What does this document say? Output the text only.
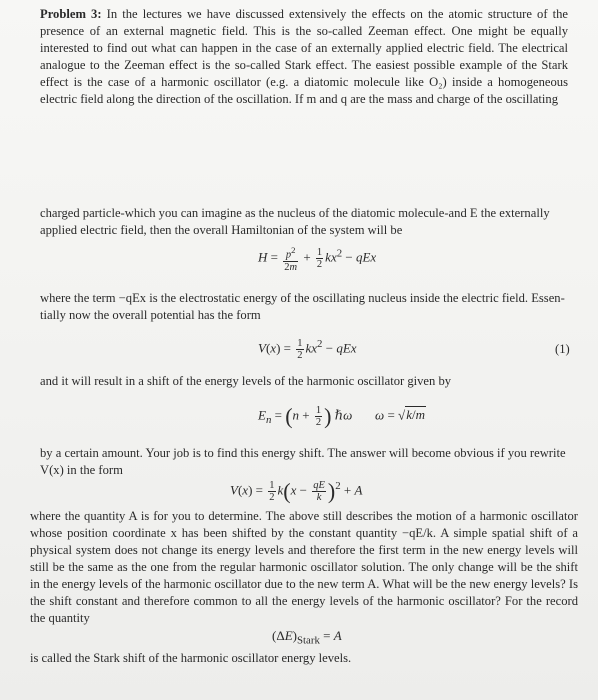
Problem 3: In the lectures we have discussed extensively the effects on the atomic structure of the presence of an external magnetic field. This is the so-called Zeeman effect. One might be equally interested to find out what can happen in the case of an externally applied electric field. The electrical analogue to the Zeeman effect is the so-called Stark effect. The easiest possible example of the Stark effect is the case of a harmonic oscillator (e.g. a diatomic molecule like O₂) inside a homogeneous electric field along the direction of the oscillation. If m and q are the mass and charge of the oscillating

charged particle-which you can imagine as the nucleus of the diatomic molecule-and E the externally

applied electric field, then the overall Hamiltonian of the system will be

$H = \frac{p^2}{2m} + \frac{1}{2} kx^2$ − qEx

where the term −qEx is the electrostatic energy of the oscillating nucleus inside the electric field. Essen-

tially now the overall potential has the form

$V(x) = \frac{1}{2} kx^2$ − qEx	(1)

and it will result in a shift of the energy levels of the harmonic oscillator given by

$E_n = (n + \frac{1}{2}$ ) ℏω ω = √k/m

by a certain amount. Your job is to find this energy shift. The answer will become obvious if you rewrite

V(x) in the form

$V(x) = \frac{1}{2} k(x - \frac{qE}{k} )^2 + A$

where the quantity A is for you to determine. The above still describes the motion of a harmonic oscillator whose position coordinate x has been shifted by the constant quantity −qE/k. A simple spatial shift of a physical system does not change its energy levels and therefore the first term in the new energy levels will still be the same as the one from the regular harmonic oscillator solution. The only change will be the shift in the energy levels of the harmonic oscillator due to the new term A. What will be the new energy levels? Is the shift constant and therefore common to all the energy levels of the harmonic oscillator? For the record the quantity

$(\Delta E)_{Stark} = A$

is called the Stark shift of the harmonic oscillator energy levels.
